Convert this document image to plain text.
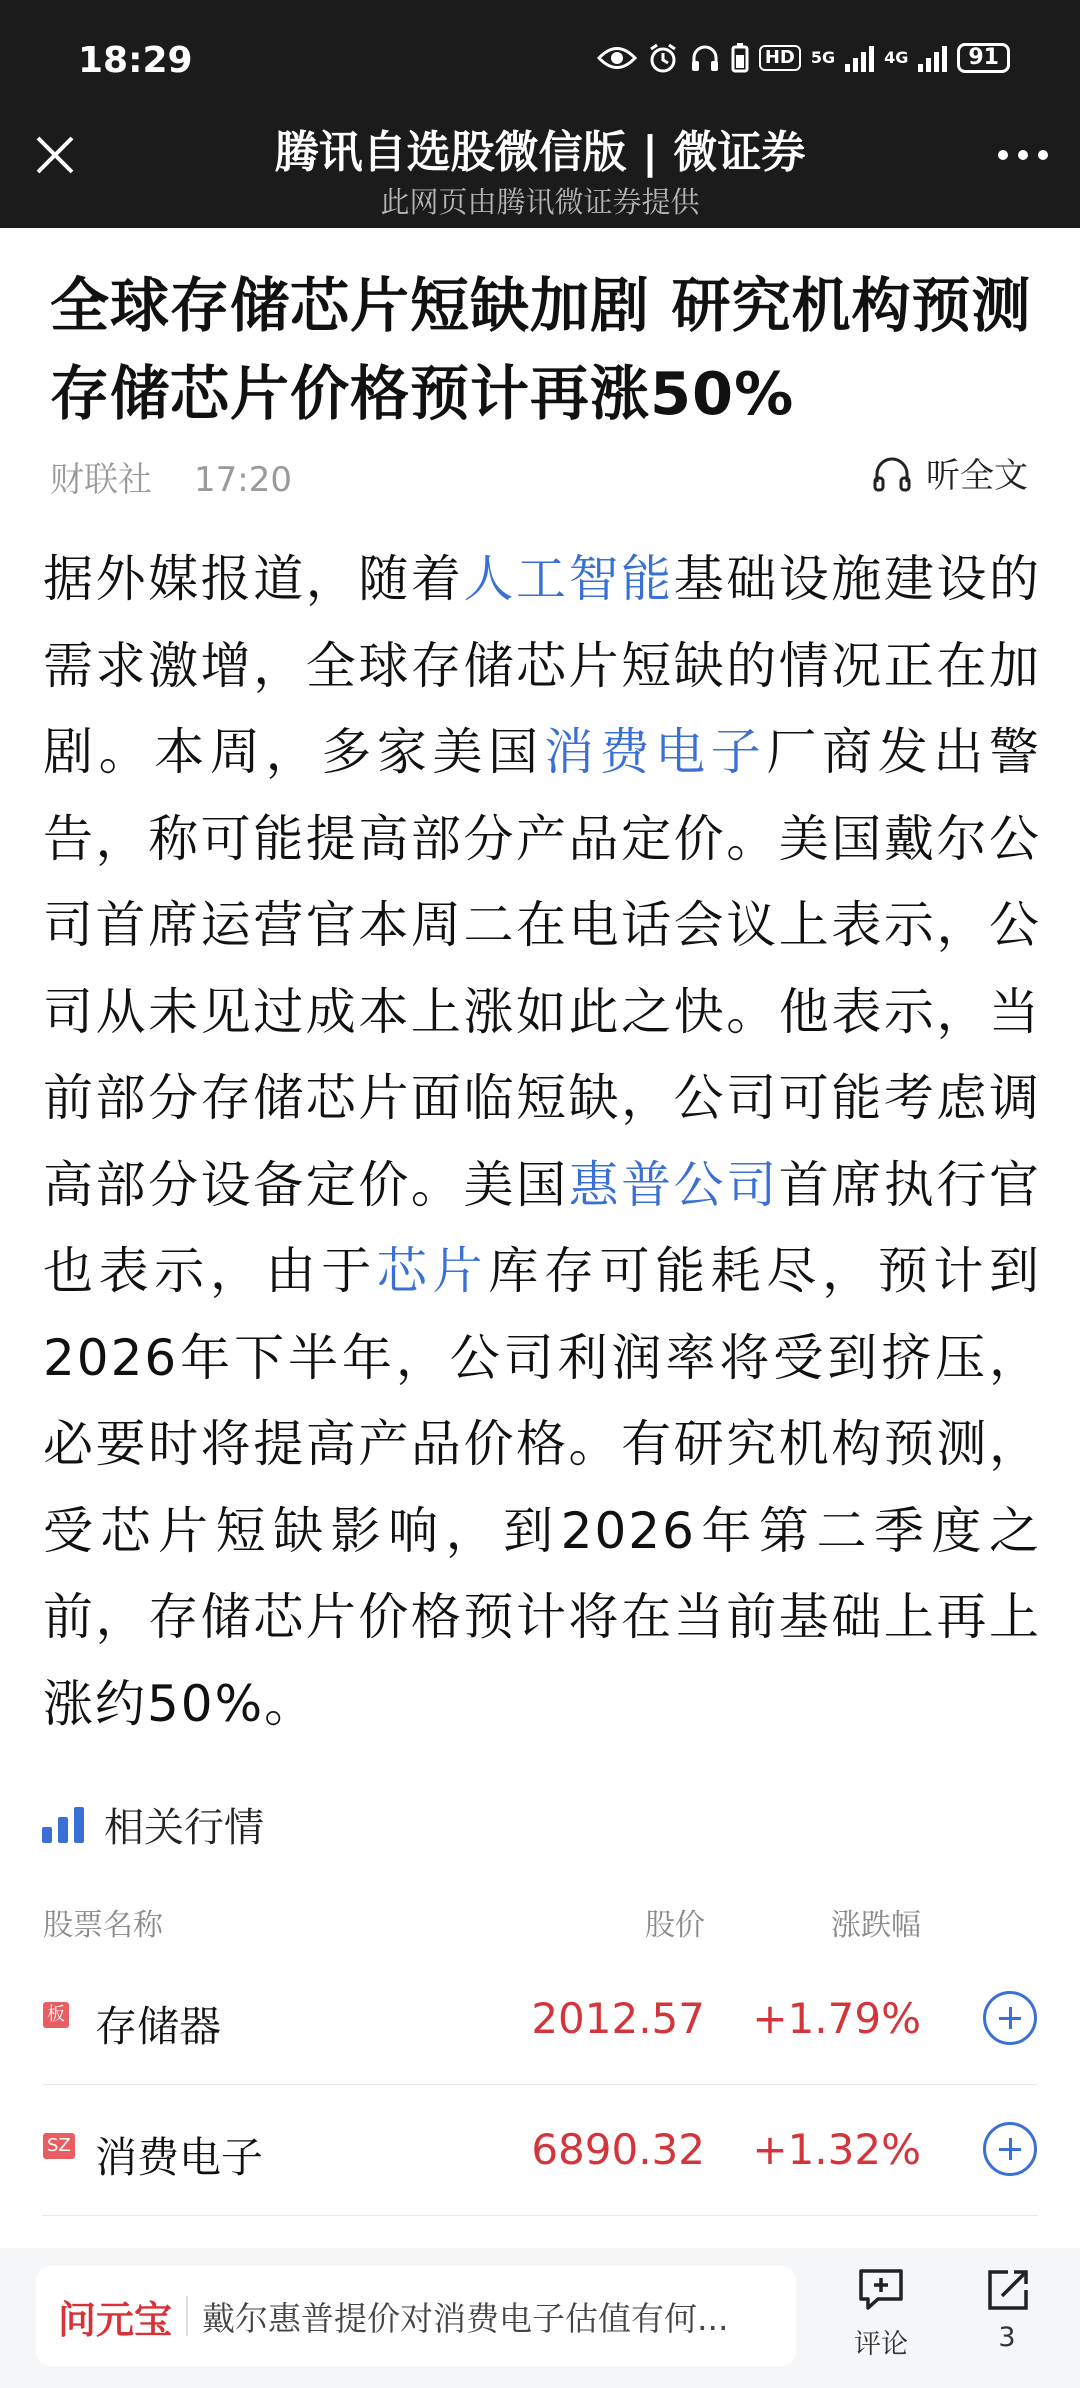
18:29	HD	5G	4G	91
腾讯自选股微信版 | 微证券
此网页由腾讯微证券提供
全球存储芯片短缺加剧 研究机构预测存储芯片价格预计再涨50%
财联社 17:20	听全文
据外媒报道，随着人工智能基础设施建设的需求激增，全球存储芯片短缺的情况正在加剧。本周，多家美国消费电子厂商发出警告，称可能提高部分产品定价。美国戴尔公司首席运营官本周二在电话会议上表示，公司从未见过成本上涨如此之快。他表示，当前部分存储芯片面临短缺，公司可能考虑调高部分设备定价。美国惠普公司首席执行官也表示，由于芯片库存可能耗尽，预计到2026年下半年，公司利润率将受到挤压，必要时将提高产品价格。有研究机构预测，受芯片短缺影响，到2026年第二季度之前，存储芯片价格预计将在当前基础上再上涨约50%。
相关行情
股票名称	股价	涨跌幅
板 存储器	2012.57 +1.79%
SZ 消费电子	6890.32 +1.32%
问元宝 戴尔惠普提价对消费电子估值有何...
评论	3
